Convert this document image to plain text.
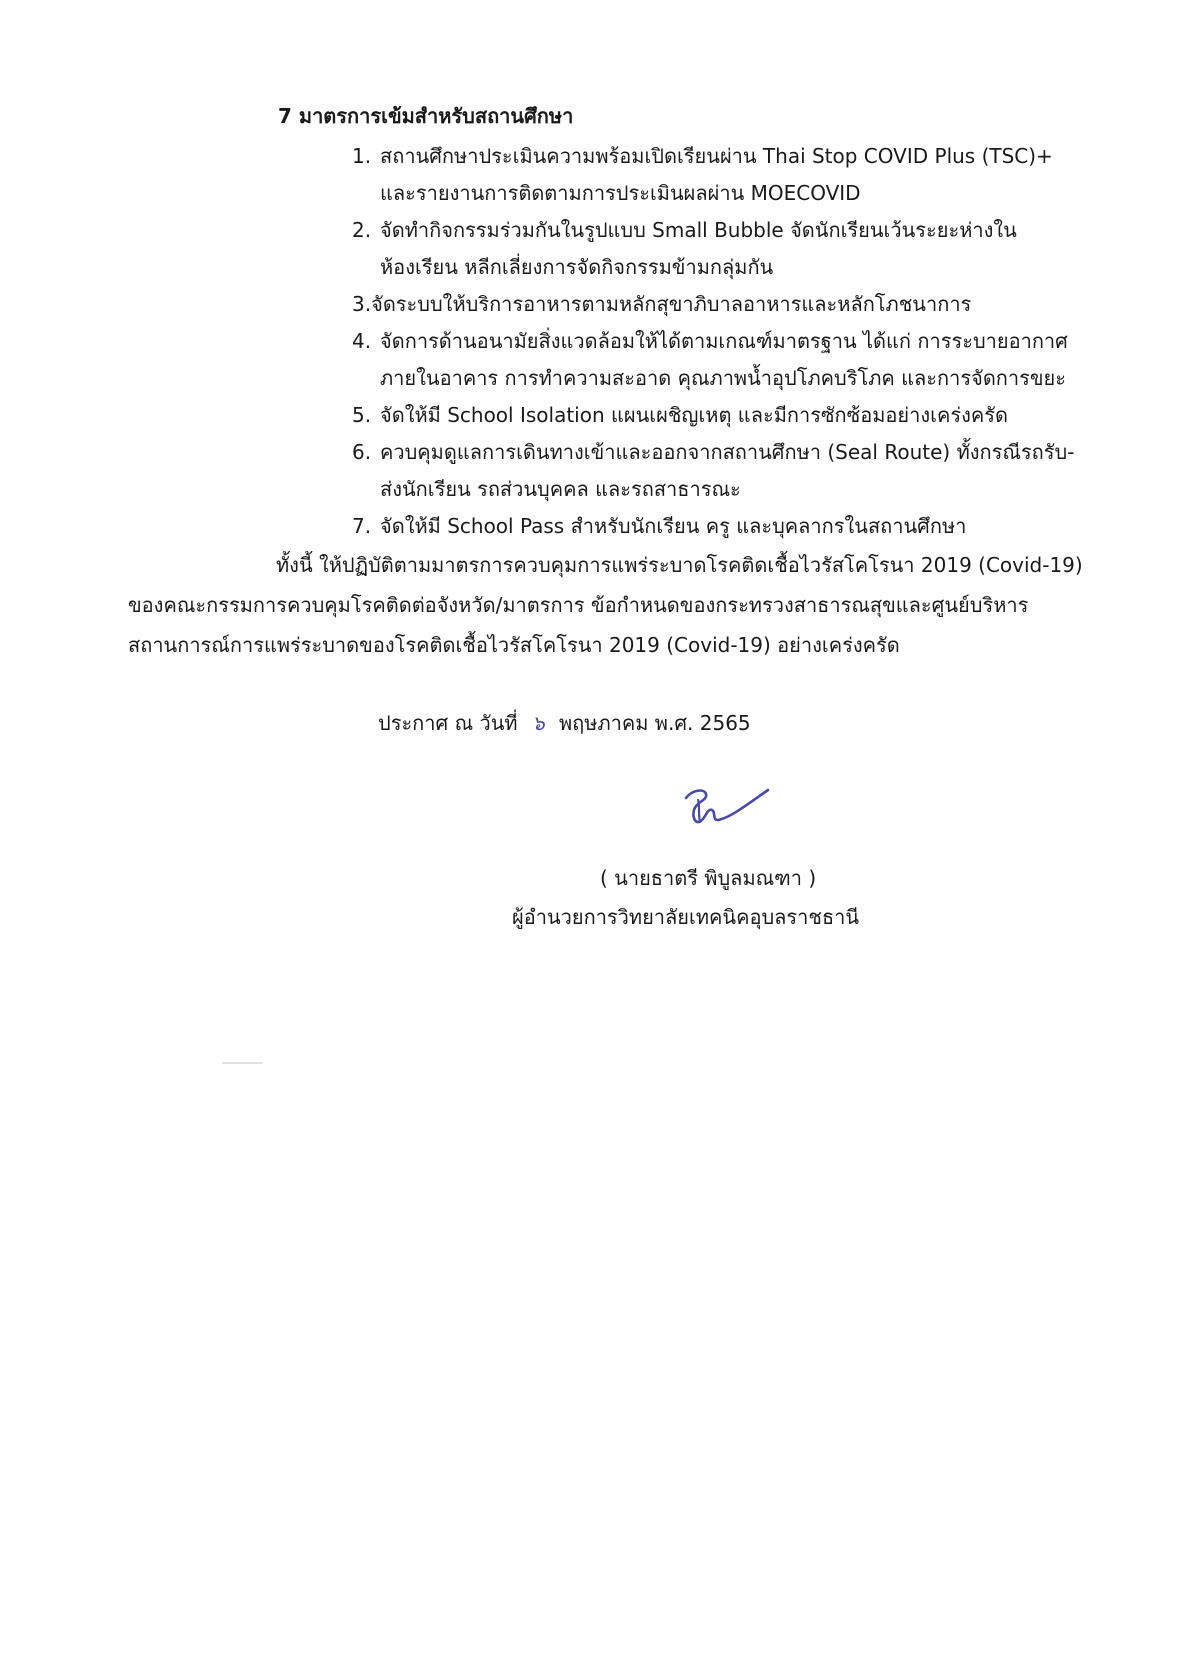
7 มาตรการเข้มสำหรับสถานศึกษา
1. สถานศึกษาประเมินความพร้อมเปิดเรียนผ่าน Thai Stop COVID Plus (TSC)+
และรายงานการติดตามการประเมินผลผ่าน MOECOVID
2. จัดทำกิจกรรมร่วมกันในรูปแบบ Small Bubble จัดนักเรียนเว้นระยะห่างใน
ห้องเรียน หลีกเลี่ยงการจัดกิจกรรมข้ามกลุ่มกัน
3.จัดระบบให้บริการอาหารตามหลักสุขาภิบาลอาหารและหลักโภชนาการ
4. จัดการด้านอนามัยสิ่งแวดล้อมให้ได้ตามเกณฑ์มาตรฐาน ได้แก่ การระบายอากาศ
ภายในอาคาร การทำความสะอาด คุณภาพน้ำอุปโภคบริโภค และการจัดการขยะ
5. จัดให้มี School Isolation แผนเผชิญเหตุ และมีการซักซ้อมอย่างเคร่งครัด
6. ควบคุมดูแลการเดินทางเข้าและออกจากสถานศึกษา (Seal Route) ทั้งกรณีรถรับ-
ส่งนักเรียน รถส่วนบุคคล และรถสาธารณะ
7. จัดให้มี School Pass สำหรับนักเรียน ครู และบุคลากรในสถานศึกษา
ทั้งนี้ ให้ปฏิบัติตามมาตรการควบคุมการแพร่ระบาดโรคติดเชื้อไวรัสโคโรนา 2019 (Covid-19)
ของคณะกรรมการควบคุมโรคติดต่อจังหวัด/มาตรการ ข้อกำหนดของกระทรวงสาธารณสุขและศูนย์บริหาร
สถานการณ์การแพร่ระบาดของโรคติดเชื้อไวรัสโคโรนา 2019 (Covid-19) อย่างเคร่งครัด
ประกาศ ณ วันที่ ๖ พฤษภาคม พ.ศ. 2565
( นายธาตรี พิบูลมณฑา )
ผู้อำนวยการวิทยาลัยเทคนิคอุบลราชธานี
